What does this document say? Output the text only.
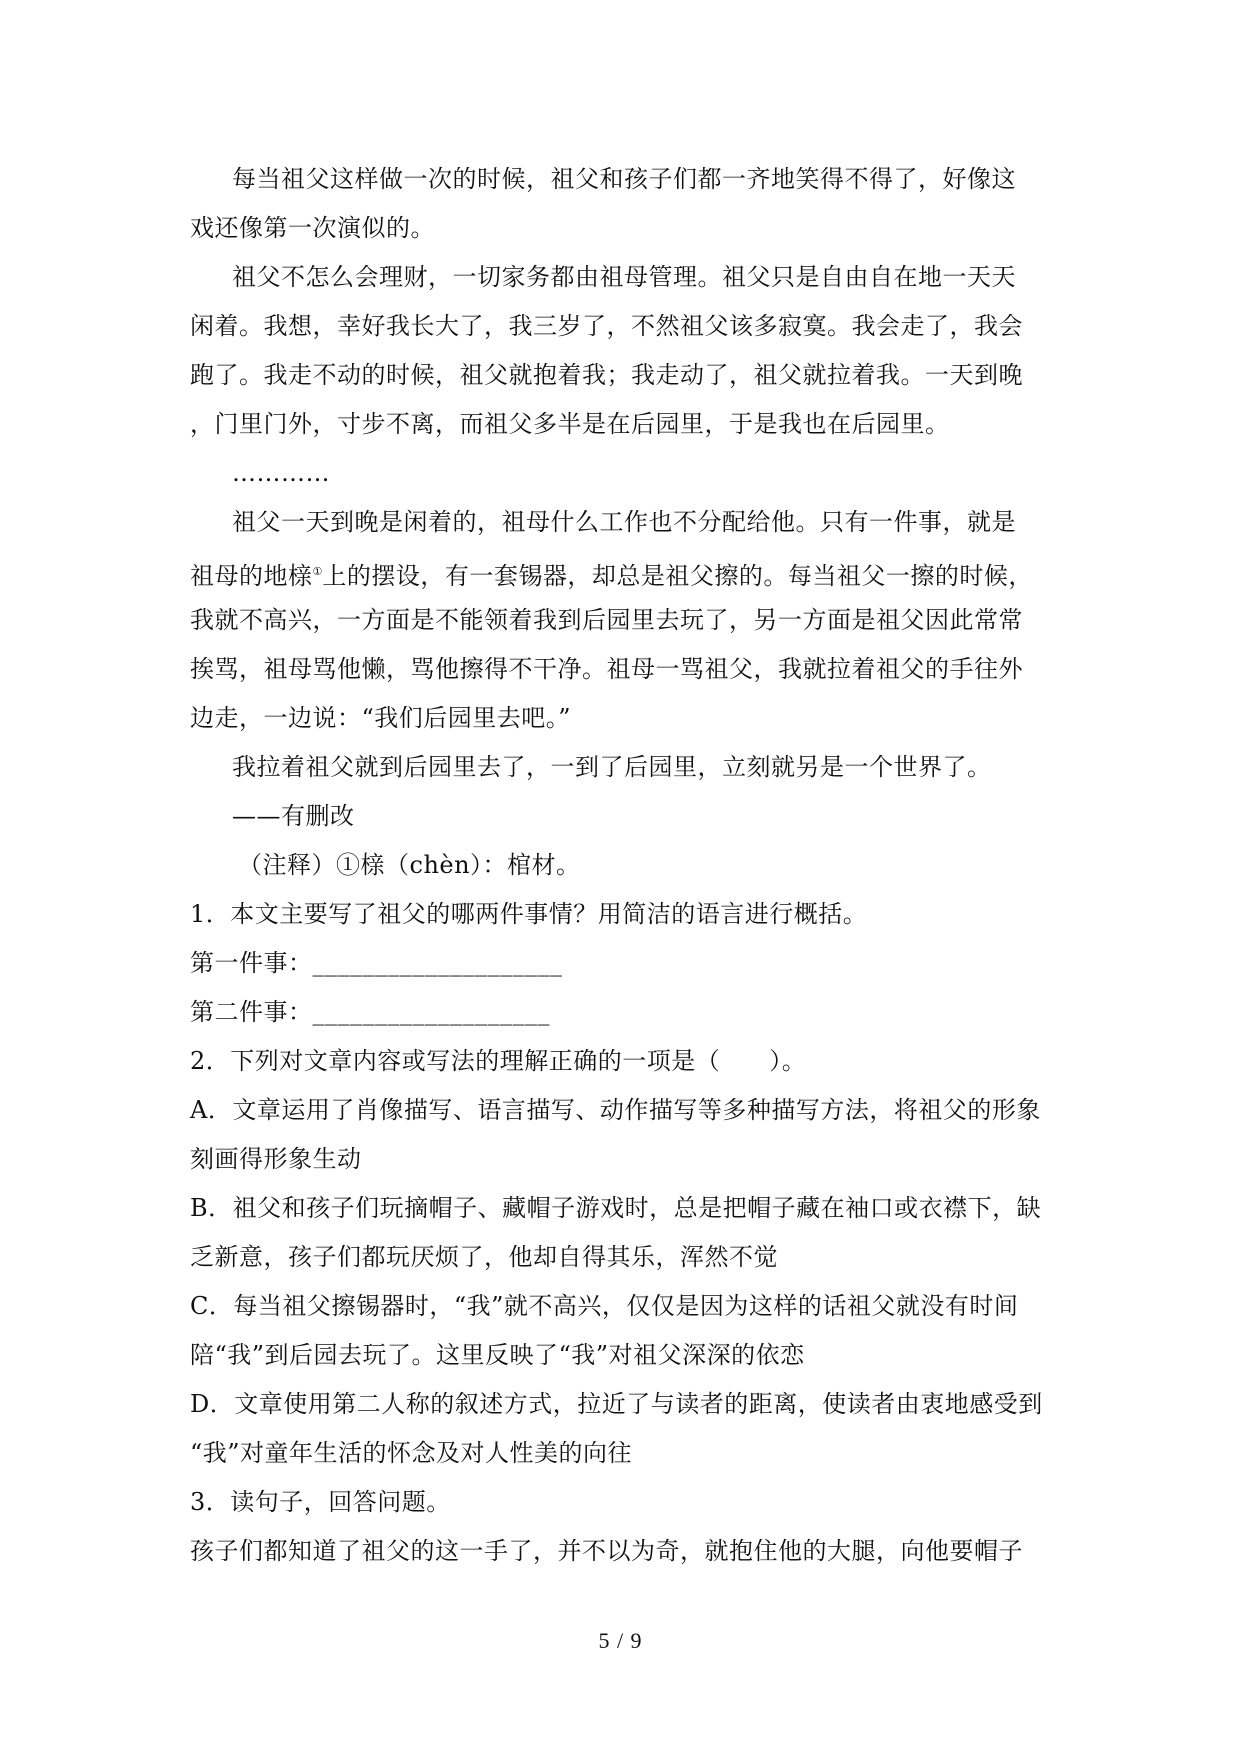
每当祖父这样做一次的时候，祖父和孩子们都一齐地笑得不得了，好像这
戏还像第一次演似的。
祖父不怎么会理财，一切家务都由祖母管理。祖父只是自由自在地一天天
闲着。我想，幸好我长大了，我三岁了，不然祖父该多寂寞。我会走了，我会
跑了。我走不动的时候，祖父就抱着我；我走动了，祖父就拉着我。一天到晚
，门里门外，寸步不离，而祖父多半是在后园里，于是我也在后园里。
…………
祖父一天到晚是闲着的，祖母什么工作也不分配给他。只有一件事，就是
祖母的地榇①上的摆设，有一套锡器，却总是祖父擦的。每当祖父一擦的时候，
我就不高兴，一方面是不能领着我到后园里去玩了，另一方面是祖父因此常常
挨骂，祖母骂他懒，骂他擦得不干净。祖母一骂祖父，我就拉着祖父的手往外
边走，一边说：“我们后园里去吧。”
我拉着祖父就到后园里去了，一到了后园里，立刻就另是一个世界了。
——有删改
（注释）①榇（chèn）：棺材。
1．本文主要写了祖父的哪两件事情？用简洁的语言进行概括。
第一件事：____________________
第二件事：___________________
2．下列对文章内容或写法的理解正确的一项是（　　）。
A．文章运用了肖像描写、语言描写、动作描写等多种描写方法，将祖父的形象
刻画得形象生动
B．祖父和孩子们玩摘帽子、藏帽子游戏时，总是把帽子藏在袖口或衣襟下，缺
乏新意，孩子们都玩厌烦了，他却自得其乐，浑然不觉
C．每当祖父擦锡器时，“我”就不高兴，仅仅是因为这样的话祖父就没有时间
陪“我”到后园去玩了。这里反映了“我”对祖父深深的依恋
D．文章使用第二人称的叙述方式，拉近了与读者的距离，使读者由衷地感受到
“我”对童年生活的怀念及对人性美的向往
3．读句子，回答问题。
孩子们都知道了祖父的这一手了，并不以为奇，就抱住他的大腿，向他要帽子
5 / 9
